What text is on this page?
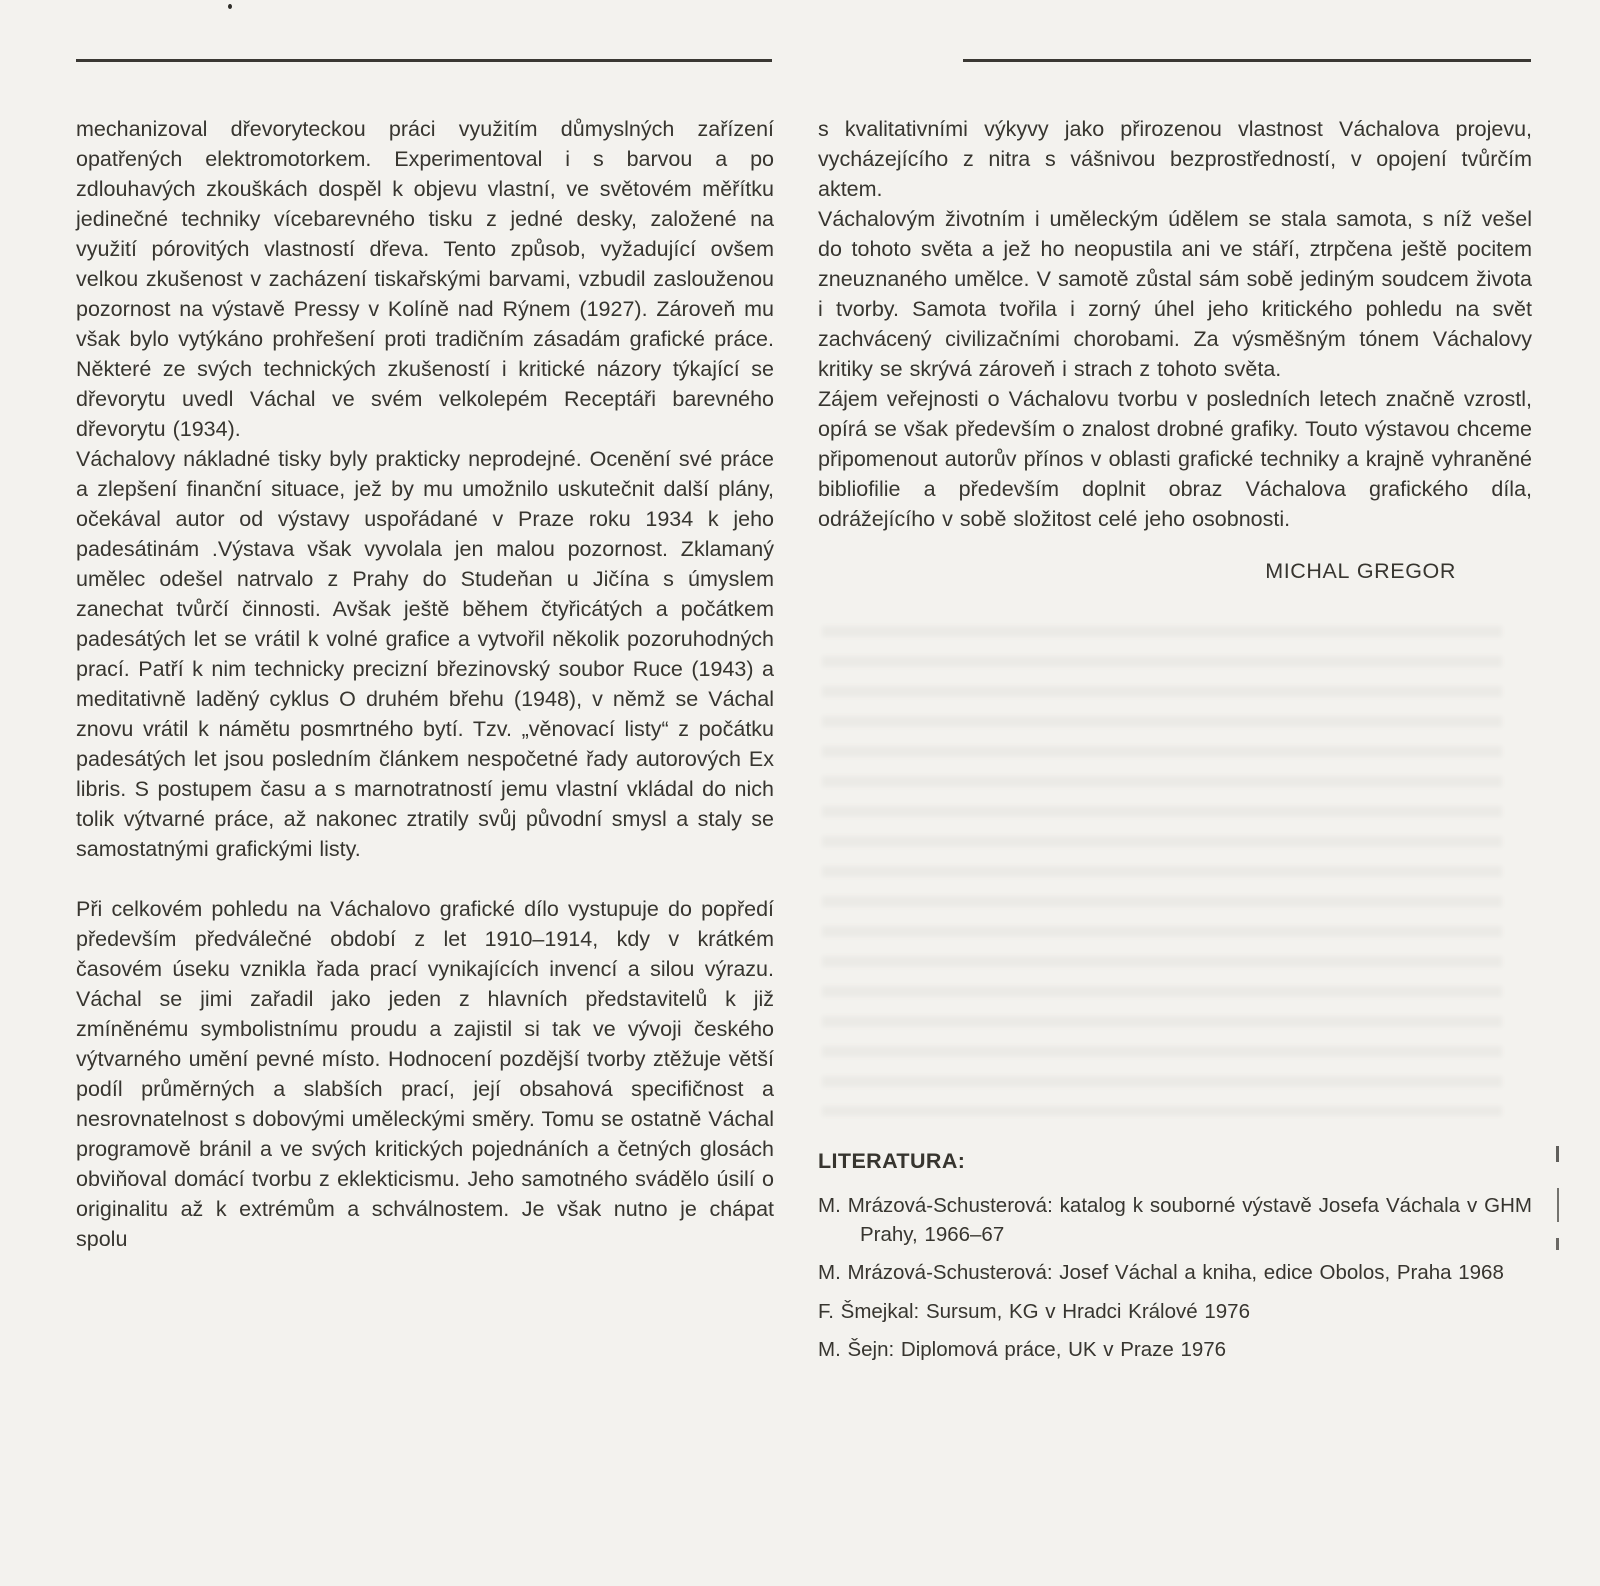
mechanizoval dřevoryteckou práci využitím důmyslných zařízení opatřených elektromotorkem. Experimentoval i s barvou a po zdlouhavých zkouškách dospěl k objevu vlastní, ve světovém měřítku jedinečné techniky vícebarevného tisku z jedné desky, založené na využití pórovitých vlastností dřeva. Tento způsob, vyžadující ovšem velkou zkušenost v zacházení tiskařskými barvami, vzbudil zaslouženou pozornost na výstavě Pressy v Kolíně nad Rýnem (1927). Zároveň mu však bylo vytýkáno prohřešení proti tradičním zásadám grafické práce. Některé ze svých technických zkušeností i kritické názory týkající se dřevorytu uvedl Váchal ve svém velkolepém Receptáři barevného dřevorytu (1934).

Váchalovy nákladné tisky byly prakticky neprodejné. Ocenění své práce a zlepšení finanční situace, jež by mu umožnilo uskutečnit další plány, očekával autor od výstavy uspořádané v Praze roku 1934 k jeho padesátinám .Výstava však vyvolala jen malou pozornost. Zklamaný umělec odešel natrvalo z Prahy do Studeňan u Jičína s úmyslem zanechat tvůrčí činnosti. Avšak ještě během čtyřicátých a počátkem padesátých let se vrátil k volné grafice a vytvořil několik pozoruhodných prací. Patří k nim technicky precizní březinovský soubor Ruce (1943) a meditativně laděný cyklus O druhém břehu (1948), v němž se Váchal znovu vrátil k námětu posmrtného bytí. Tzv. „věnovací listy“ z počátku padesátých let jsou posledním článkem nespočetné řady autorových Ex libris. S postupem času a s marnotratností jemu vlastní vkládal do nich tolik výtvarné práce, až nakonec ztratily svůj původní smysl a staly se samostatnými grafickými listy.

Při celkovém pohledu na Váchalovo grafické dílo vystupuje do popředí především předválečné období z let 1910–1914, kdy v krátkém časovém úseku vznikla řada prací vynikajících invencí a silou výrazu. Váchal se jimi zařadil jako jeden z hlavních představitelů k již zmíněnému symbolistnímu proudu a zajistil si tak ve vývoji českého výtvarného umění pevné místo. Hodnocení pozdější tvorby ztěžuje větší podíl průměrných a slabších prací, její obsahová specifičnost a nesrovnatelnost s dobovými uměleckými směry. Tomu se ostatně Váchal programově bránil a ve svých kritických pojednáních a četných glosách obviňoval domácí tvorbu z eklekticismu. Jeho samotného svádělo úsilí o originalitu až k extrémům a schválnostem. Je však nutno je chápat spolu

s kvalitativními výkyvy jako přirozenou vlastnost Váchalova projevu, vycházejícího z nitra s vášnivou bezprostředností, v opojení tvůrčím aktem.

Váchalovým životním i uměleckým údělem se stala samota, s níž vešel do tohoto světa a jež ho neopustila ani ve stáří, ztrpčena ještě pocitem zneuznaného umělce. V samotě zůstal sám sobě jediným soudcem života i tvorby. Samota tvořila i zorný úhel jeho kritického pohledu na svět zachvácený civilizačními chorobami. Za výsměšným tónem Váchalovy kritiky se skrývá zároveň i strach z tohoto světa.

Zájem veřejnosti o Váchalovu tvorbu v posledních letech značně vzrostl, opírá se však především o znalost drobné grafiky. Touto výstavou chceme připomenout autorův přínos v oblasti grafické techniky a krajně vyhraněné bibliofilie a především doplnit obraz Váchalova grafického díla, odrážejícího v sobě složitost celé jeho osobnosti.

MICHAL GREGOR
LITERATURA:
M. Mrázová-Schusterová: katalog k souborné výstavě Josefa Váchala v GHM Prahy, 1966–67
M. Mrázová-Schusterová: Josef Váchal a kniha, edice Obolos, Praha 1968
F. Šmejkal: Sursum, KG v Hradci Králové 1976
M. Šejn: Diplomová práce, UK v Praze 1976
